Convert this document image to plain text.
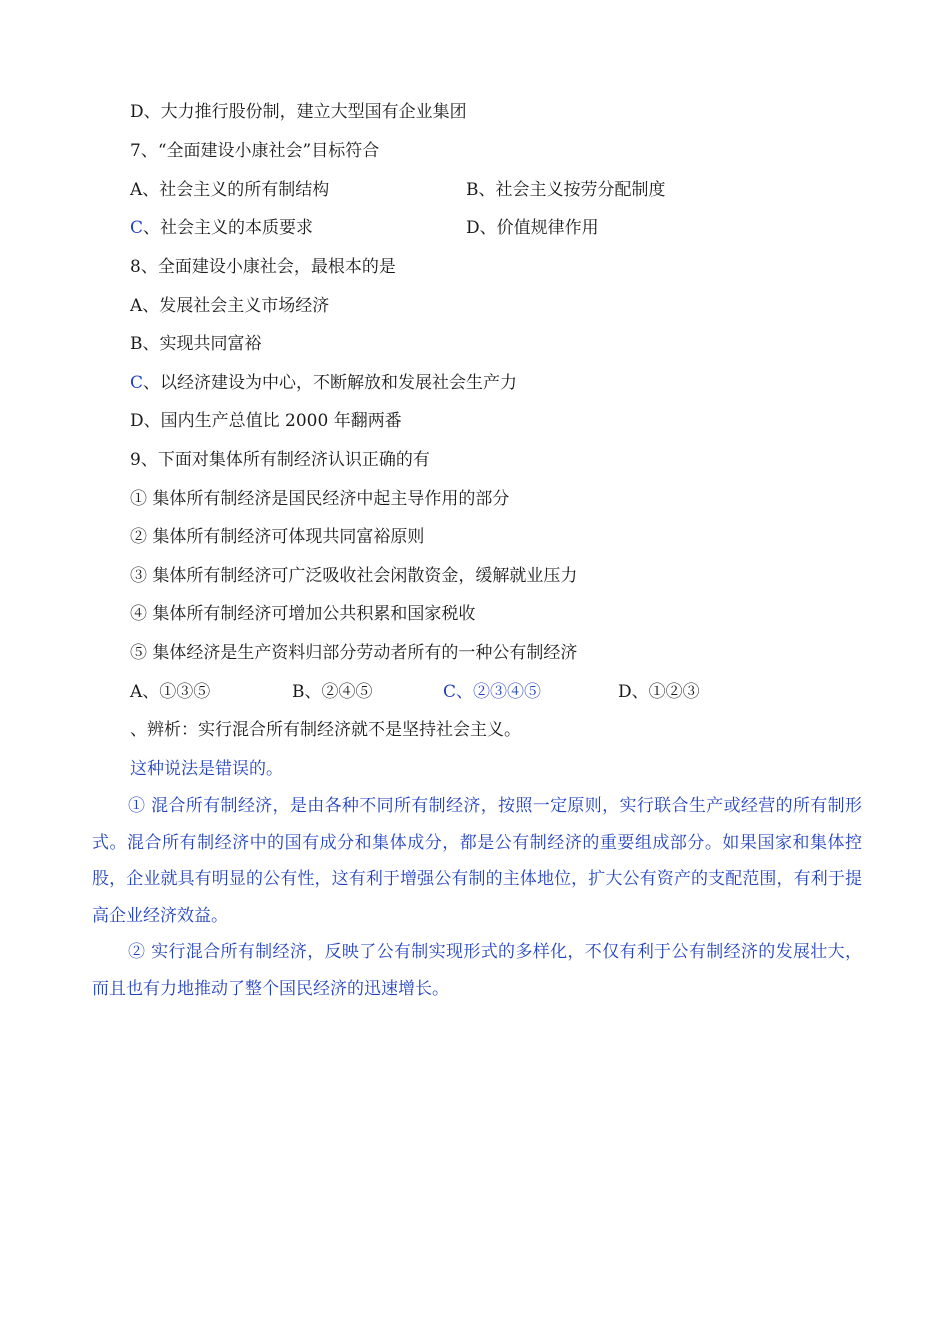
D、大力推行股份制，建立大型国有企业集团
7、“全面建设小康社会”目标符合
A、社会主义的所有制结构	B、社会主义按劳分配制度
C、社会主义的本质要求	D、价值规律作用
8、全面建设小康社会，最根本的是
A、发展社会主义市场经济
B、实现共同富裕
C、以经济建设为中心，不断解放和发展社会生产力
D、国内生产总值比 2000 年翻两番
9、下面对集体所有制经济认识正确的有
① 集体所有制经济是国民经济中起主导作用的部分
② 集体所有制经济可体现共同富裕原则
③ 集体所有制经济可广泛吸收社会闲散资金，缓解就业压力
④ 集体所有制经济可增加公共积累和国家税收
⑤ 集体经济是生产资料归部分劳动者所有的一种公有制经济
A、①③⑤	B、②④⑤	C、②③④⑤	D、①②③
、辨析：实行混合所有制经济就不是坚持社会主义。
这种说法是错误的。

① 混合所有制经济，是由各种不同所有制经济，按照一定原则，实行联合生产或经营的所有制形式。混合所有制经济中的国有成分和集体成分，都是公有制经济的重要组成部分。如果国家和集体控股，企业就具有明显的公有性，这有利于增强公有制的主体地位，扩大公有资产的支配范围，有利于提高企业经济效益。

② 实行混合所有制经济，反映了公有制实现形式的多样化，不仅有利于公有制经济的发展壮大，而且也有力地推动了整个国民经济的迅速增长。
